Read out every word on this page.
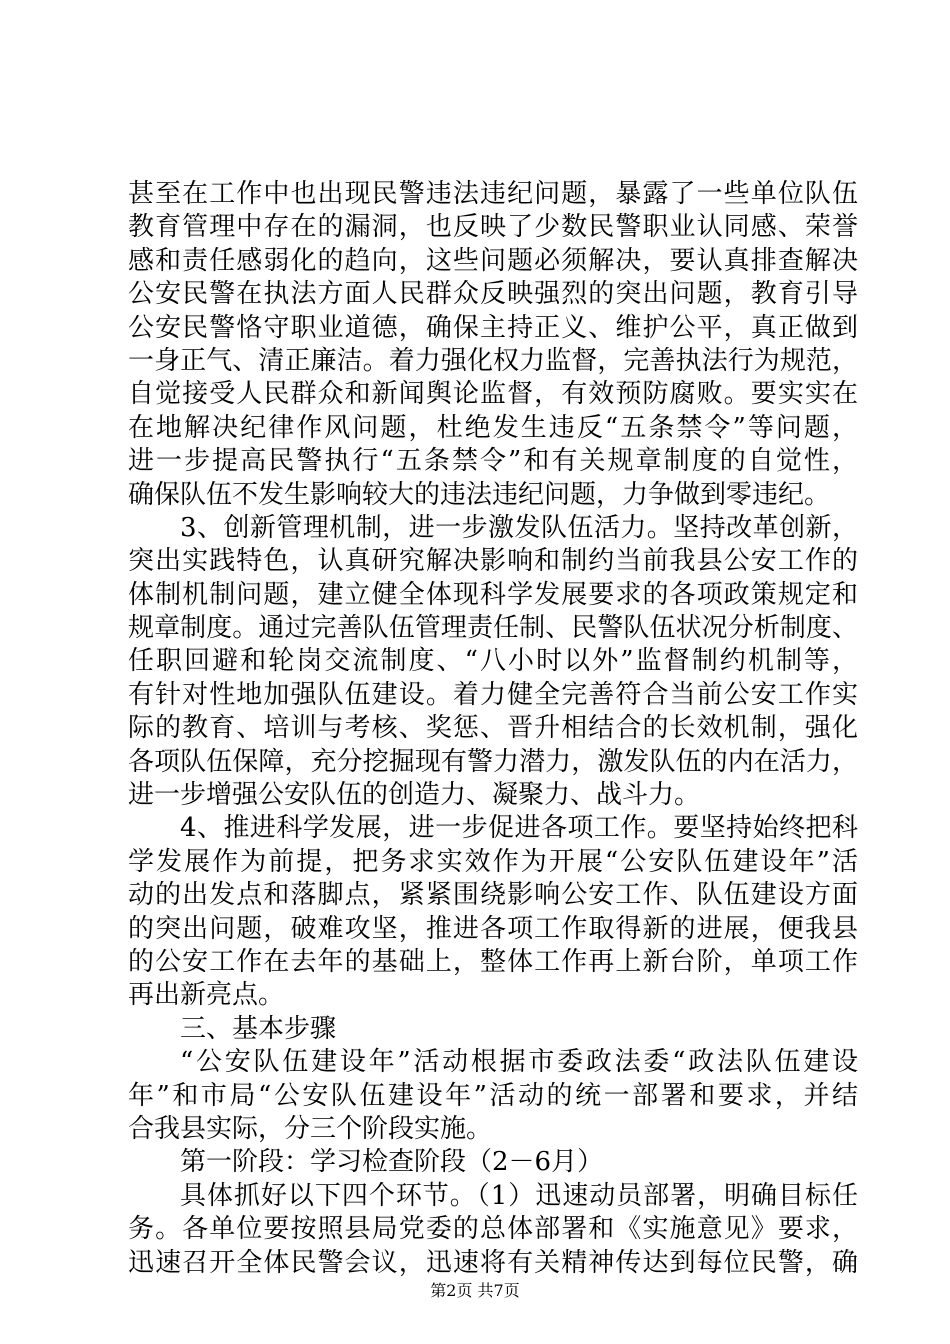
甚至在工作中也出现民警违法违纪问题，暴露了一些单位队伍
教育管理中存在的漏洞，也反映了少数民警职业认同感、荣誉
感和责任感弱化的趋向，这些问题必须解决，要认真排查解决
公安民警在执法方面人民群众反映强烈的突出问题，教育引导
公安民警恪守职业道德，确保主持正义、维护公平，真正做到
一身正气、清正廉洁。着力强化权力监督，完善执法行为规范，
自觉接受人民群众和新闻舆论监督，有效预防腐败。要实实在
在地解决纪律作风问题，杜绝发生违反“五条禁令”等问题，
进一步提高民警执行“五条禁令”和有关规章制度的自觉性，
确保队伍不发生影响较大的违法违纪问题，力争做到零违纪。
3、创新管理机制，进一步激发队伍活力。坚持改革创新，
突出实践特色，认真研究解决影响和制约当前我县公安工作的
体制机制问题，建立健全体现科学发展要求的各项政策规定和
规章制度。通过完善队伍管理责任制、民警队伍状况分析制度、
任职回避和轮岗交流制度、“八小时以外”监督制约机制等，
有针对性地加强队伍建设。着力健全完善符合当前公安工作实
际的教育、培训与考核、奖惩、晋升相结合的长效机制，强化
各项队伍保障，充分挖掘现有警力潜力，激发队伍的内在活力，
进一步增强公安队伍的创造力、凝聚力、战斗力。
4、推进科学发展，进一步促进各项工作。要坚持始终把科
学发展作为前提，把务求实效作为开展“公安队伍建设年”活
动的出发点和落脚点，紧紧围绕影响公安工作、队伍建设方面
的突出问题，破难攻坚，推进各项工作取得新的进展，便我县
的公安工作在去年的基础上，整体工作再上新台阶，单项工作
再出新亮点。
三、基本步骤
“公安队伍建设年”活动根据市委政法委“政法队伍建设
年”和市局“公安队伍建设年”活动的统一部署和要求，并结
合我县实际，分三个阶段实施。
第一阶段：学习检查阶段（2－6月）
具体抓好以下四个环节。（1）迅速动员部署，明确目标任
务。各单位要按照县局党委的总体部署和《实施意见》要求，
迅速召开全体民警会议，迅速将有关精神传达到每位民警，确
第2页 共7页
